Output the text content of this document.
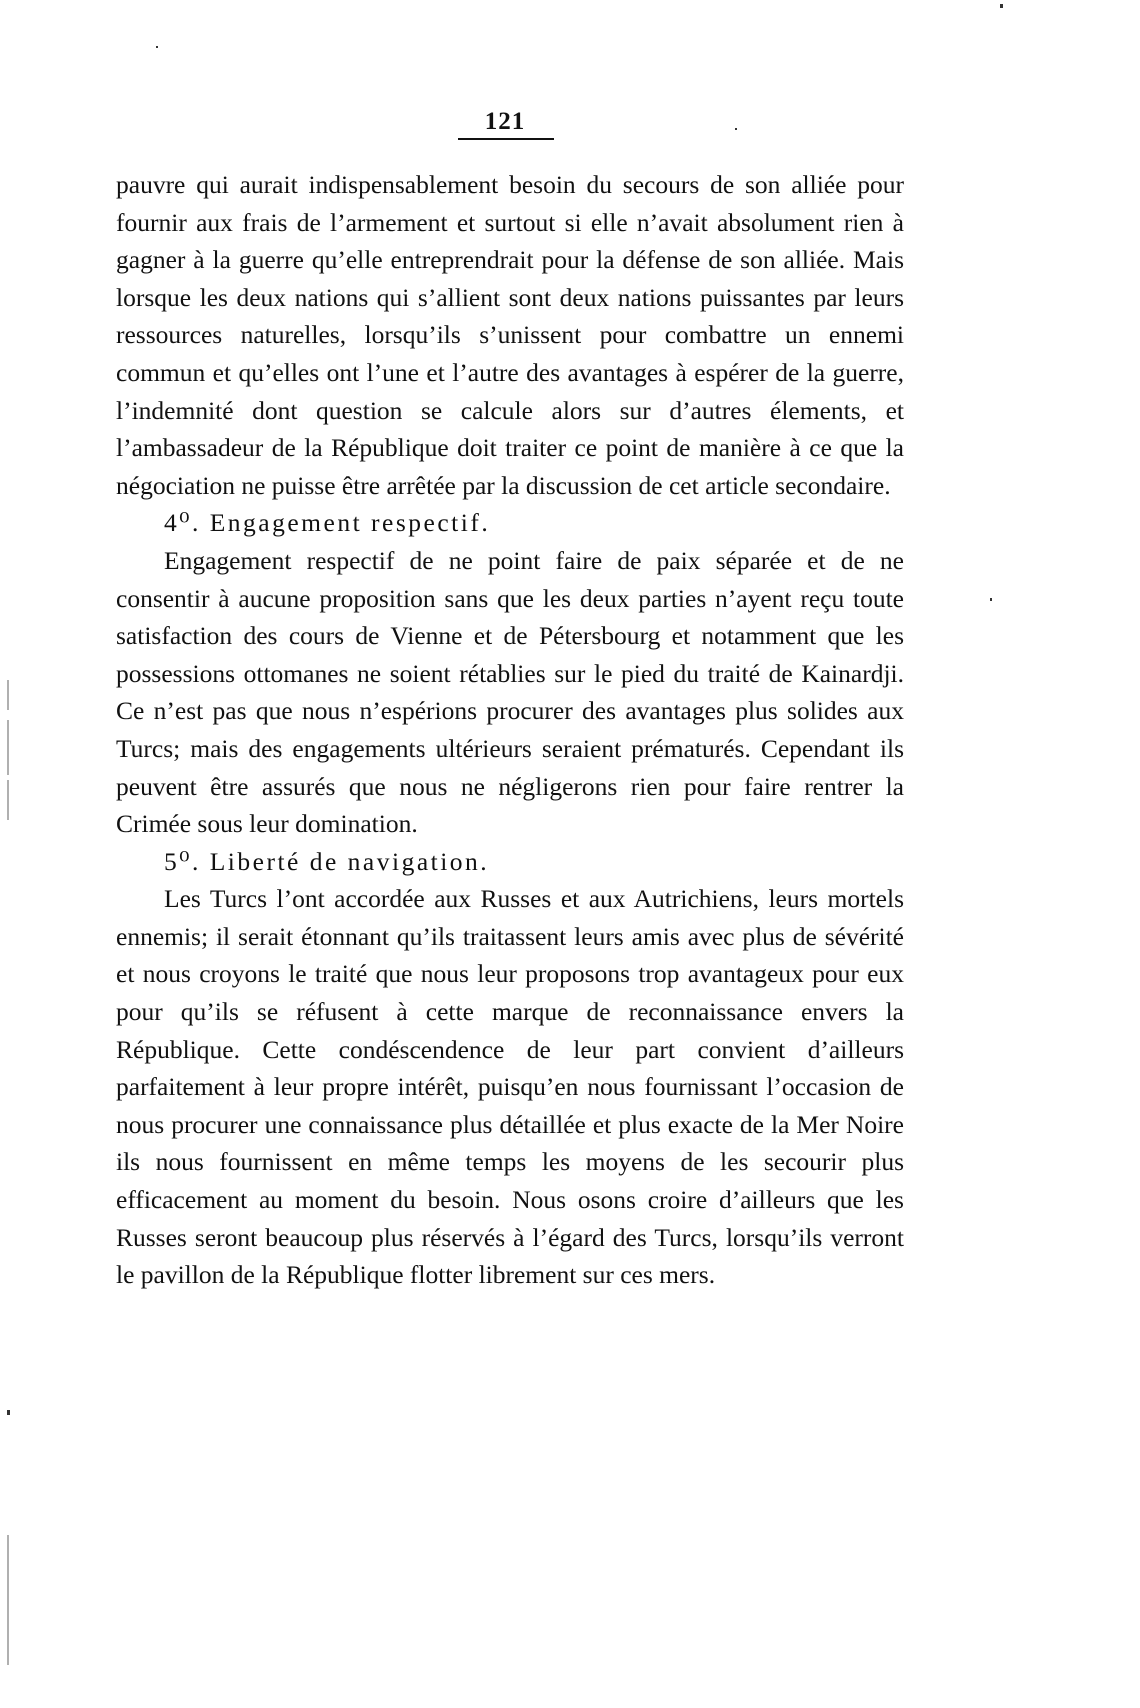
121

pauvre qui aurait indispensablement besoin du secours de son alliée pour fournir aux frais de l’armement et surtout si elle n’avait absolument rien à gagner à la guerre qu’elle entreprendrait pour la défense de son alliée. Mais lorsque les deux nations qui s’allient sont deux nations puissantes par leurs ressources naturelles, lorsqu’ils s’unissent pour combattre un ennemi commun et qu’elles ont l’une et l’autre des avantages à espérer de la guerre, l’indemnité dont question se calcule alors sur d’autres élements, et l’ambassadeur de la République doit traiter ce point de manière à ce que la négociation ne puisse être arrêtée par la discussion de cet article secondaire.

4⁰. Engagement respectif.

Engagement respectif de ne point faire de paix séparée et de ne consentir à aucune proposition sans que les deux parties n’ayent reçu toute satisfaction des cours de Vienne et de Pétersbourg et notamment que les possessions ottomanes ne soient rétablies sur le pied du traité de Kainardji. Ce n’est pas que nous n’espérions procurer des avantages plus solides aux Turcs; mais des engagements ultérieurs seraient prématurés. Cependant ils peuvent être assurés que nous ne négligerons rien pour faire rentrer la Crimée sous leur domination.

5⁰. Liberté de navigation.

Les Turcs l’ont accordée aux Russes et aux Autrichiens, leurs mortels ennemis; il serait étonnant qu’ils traitassent leurs amis avec plus de sévérité et nous croyons le traité que nous leur proposons trop avantageux pour eux pour qu’ils se réfusent à cette marque de reconnaissance envers la République. Cette condéscendence de leur part convient d’ailleurs parfaitement à leur propre intérêt, puisqu’en nous fournissant l’occasion de nous procurer une connaissance plus détaillée et plus exacte de la Mer Noire ils nous fournissent en même temps les moyens de les secourir plus efficacement au moment du besoin. Nous osons croire d’ailleurs que les Russes seront beaucoup plus réservés à l’égard des Turcs, lorsqu’ils verront le pavillon de la République flotter librement sur ces mers.
